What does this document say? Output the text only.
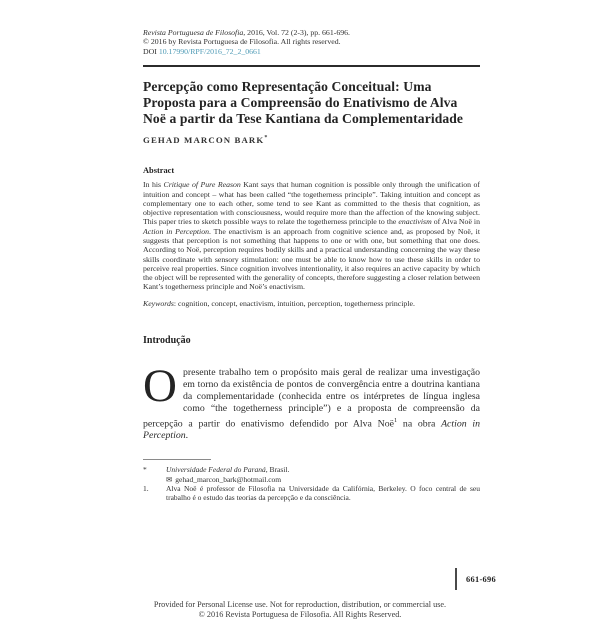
Revista Portuguesa de Filosofia, 2016, Vol. 72 (2-3), pp. 661-696.
© 2016 by Revista Portuguesa de Filosofia. All rights reserved.
DOI 10.17990/RPF/2016_72_2_0661
Percepção como Representação Conceitual: Uma Proposta para a Compreensão do Enativismo de Alva Noë a partir da Tese Kantiana da Complementaridade
GEHAD MARCON BARK*
Abstract

In his Critique of Pure Reason Kant says that human cognition is possible only through the unification of intuition and concept – what has been called “the togetherness principle”. Taking intuition and concept as complementary one to each other, some tend to see Kant as committed to the thesis that cognition, as objective representation with consciousness, would require more than the affection of the knowing subject. This paper tries to sketch possible ways to relate the togetherness principle to the enactivism of Alva Noë in Action in Perception. The enactivism is an approach from cognitive science and, as proposed by Noë, it suggests that perception is not something that happens to one or with one, but something that one does. According to Noë, perception requires bodily skills and a practical understanding concerning the way these skills coordinate with sensory stimulation: one must be able to know how to use these skills in order to perceive real properties. Since cognition involves intentionality, it also requires an active capacity by which the object will be represented with the generality of concepts, therefore suggesting a closer relation between Kant’s togetherness principle and Noë’s enactivism.

Keywords: cognition, concept, enactivism, intuition, perception, togetherness principle.

Introdução

Opresente trabalho tem o propósito mais geral de realizar uma investigação em torno da existência de pontos de convergência entre a doutrina kantiana da complementaridade (conhecida entre os intérpretes de língua inglesa como “the togetherness principle”) e a proposta de compreensão da percepção a partir do enativismo defendido por Alva Noë$^1$ na obra Action in Perception.

*	Universidade Federal do Paraná, Brasil.
✉ gehad_marcon_bark@hotmail.com
1.	Alva Noë é professor de Filosofia na Universidade da Califórnia, Berkeley. O foco central de seu trabalho é o estudo das teorias da percepção e da consciência.
661-696
Provided for Personal License use. Not for reproduction, distribution, or commercial use.
© 2016 Revista Portuguesa de Filosofia. All Rights Reserved.
